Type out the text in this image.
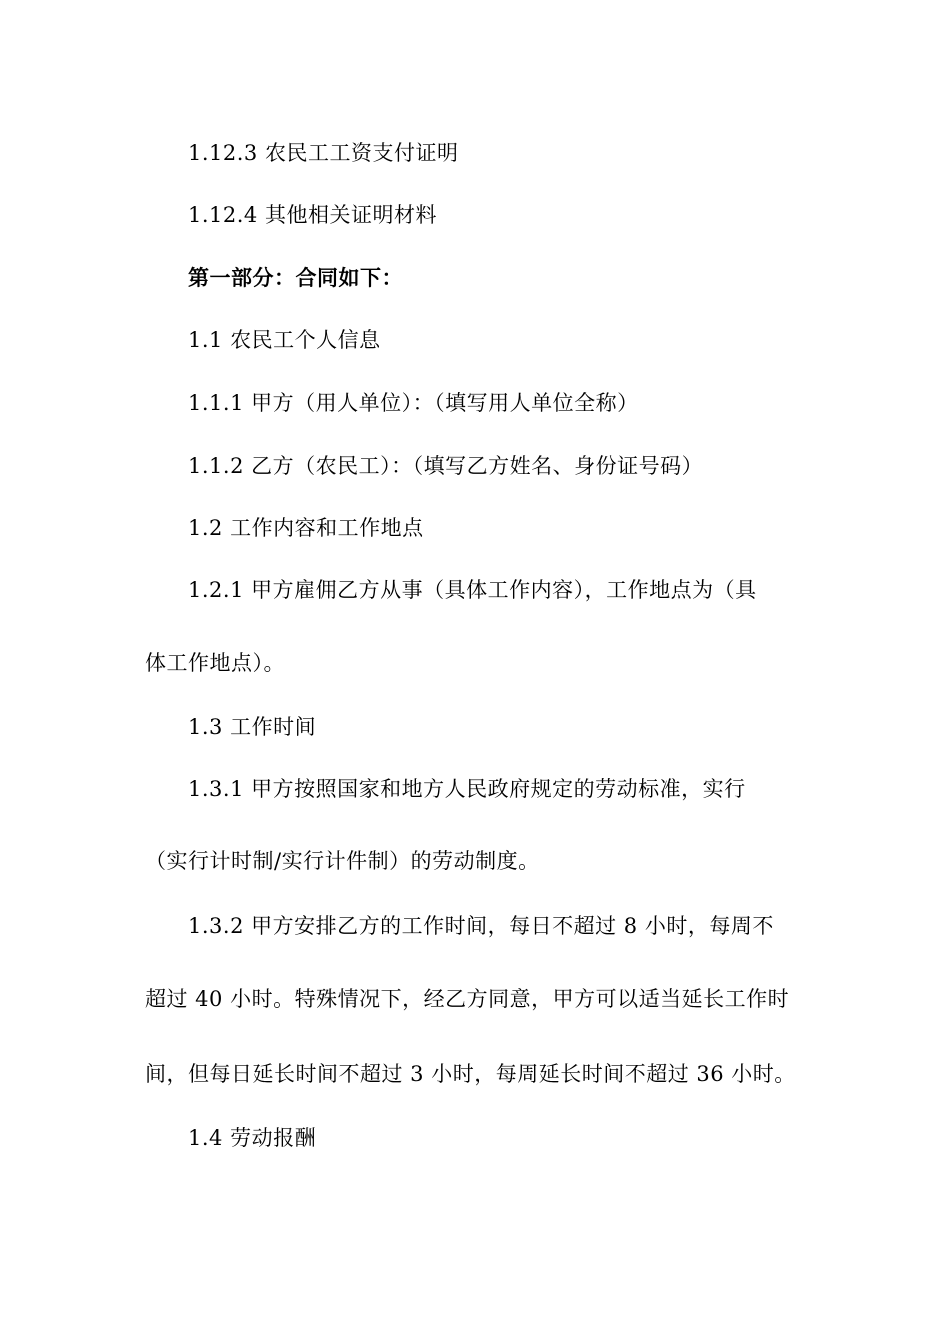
1.12.3 农民工工资支付证明
1.12.4 其他相关证明材料
第一部分：合同如下：
1.1 农民工个人信息
1.1.1 甲方（用人单位）：（填写用人单位全称）
1.1.2 乙方（农民工）：（填写乙方姓名、身份证号码）
1.2 工作内容和工作地点
1.2.1 甲方雇佣乙方从事（具体工作内容），工作地点为（具
体工作地点）。
1.3 工作时间
1.3.1 甲方按照国家和地方人民政府规定的劳动标准，实行
（实行计时制/实行计件制）的劳动制度。
1.3.2 甲方安排乙方的工作时间，每日不超过 8 小时，每周不
超过 40 小时。特殊情况下，经乙方同意，甲方可以适当延长工作时
间，但每日延长时间不超过 3 小时，每周延长时间不超过 36 小时。
1.4 劳动报酬
